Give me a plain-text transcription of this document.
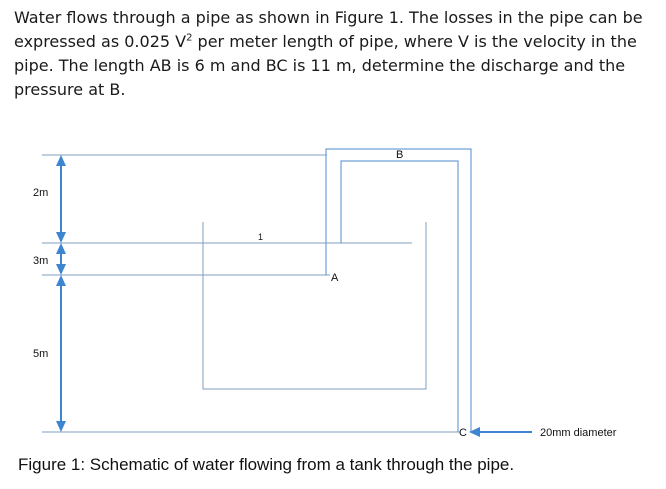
Water flows through a pipe as shown in Figure 1. The losses in the pipe can be expressed as 0.025 $V^2$ per meter length of pipe, where V is the velocity in the pipe. The length AB is 6 m and BC is 11 m, determine the discharge and the pressure at B.
2m
3m
5m
1
A
B
C	20mm diameter
Figure 1: Schematic of water flowing from a tank through the pipe.
